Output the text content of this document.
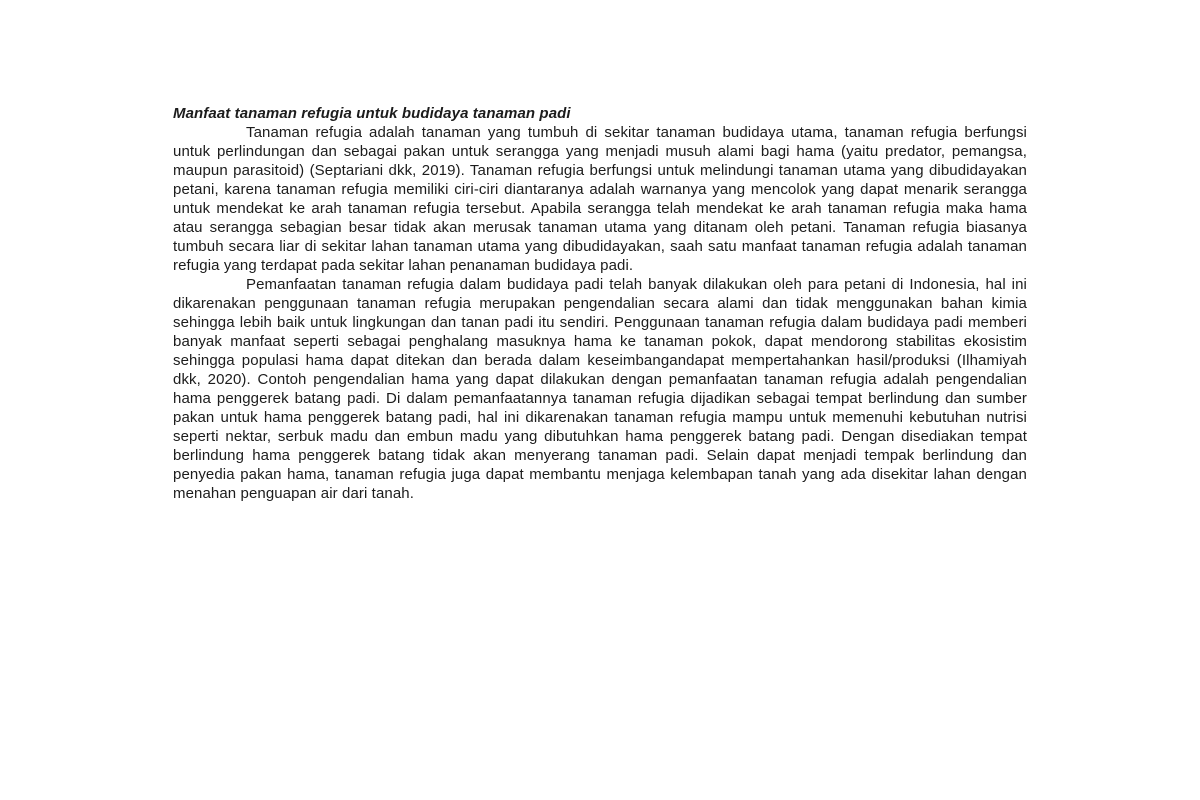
Manfaat tanaman refugia untuk budidaya tanaman padi

Tanaman refugia adalah tanaman yang tumbuh di sekitar tanaman budidaya utama, tanaman refugia berfungsi untuk perlindungan dan sebagai pakan untuk serangga yang menjadi musuh alami bagi hama (yaitu predator, pemangsa, maupun parasitoid) (Septariani dkk, 2019). Tanaman refugia berfungsi untuk melindungi tanaman utama yang dibudidayakan petani, karena tanaman refugia memiliki ciri-ciri diantaranya adalah warnanya yang mencolok yang dapat menarik serangga untuk mendekat ke arah tanaman refugia tersebut. Apabila serangga telah mendekat ke arah tanaman refugia maka hama atau serangga sebagian besar tidak akan merusak tanaman utama yang ditanam oleh petani. Tanaman refugia biasanya tumbuh secara liar di sekitar lahan tanaman utama yang dibudidayakan, saah satu manfaat tanaman refugia adalah tanaman refugia yang terdapat pada sekitar lahan penanaman budidaya padi.

Pemanfaatan tanaman refugia dalam budidaya padi telah banyak dilakukan oleh para petani di Indonesia, hal ini dikarenakan penggunaan tanaman refugia merupakan pengendalian secara alami dan tidak menggunakan bahan kimia sehingga lebih baik untuk lingkungan dan tanan padi itu sendiri. Penggunaan tanaman refugia dalam budidaya padi memberi banyak manfaat seperti sebagai penghalang masuknya hama ke tanaman pokok, dapat mendorong stabilitas ekosistim sehingga populasi hama dapat ditekan dan berada dalam keseimbangandapat mempertahankan hasil/produksi (Ilhamiyah dkk, 2020). Contoh pengendalian hama yang dapat dilakukan dengan pemanfaatan tanaman refugia adalah pengendalian hama penggerek batang padi. Di dalam pemanfaatannya tanaman refugia dijadikan sebagai tempat berlindung dan sumber pakan untuk hama penggerek batang padi, hal ini dikarenakan tanaman refugia mampu untuk memenuhi kebutuhan nutrisi seperti nektar, serbuk madu dan embun madu yang dibutuhkan hama penggerek batang padi. Dengan disediakan tempat berlindung hama penggerek batang tidak akan menyerang tanaman padi. Selain dapat menjadi tempak berlindung dan penyedia pakan hama, tanaman refugia juga dapat membantu menjaga kelembapan tanah yang ada disekitar lahan dengan menahan penguapan air dari tanah.
